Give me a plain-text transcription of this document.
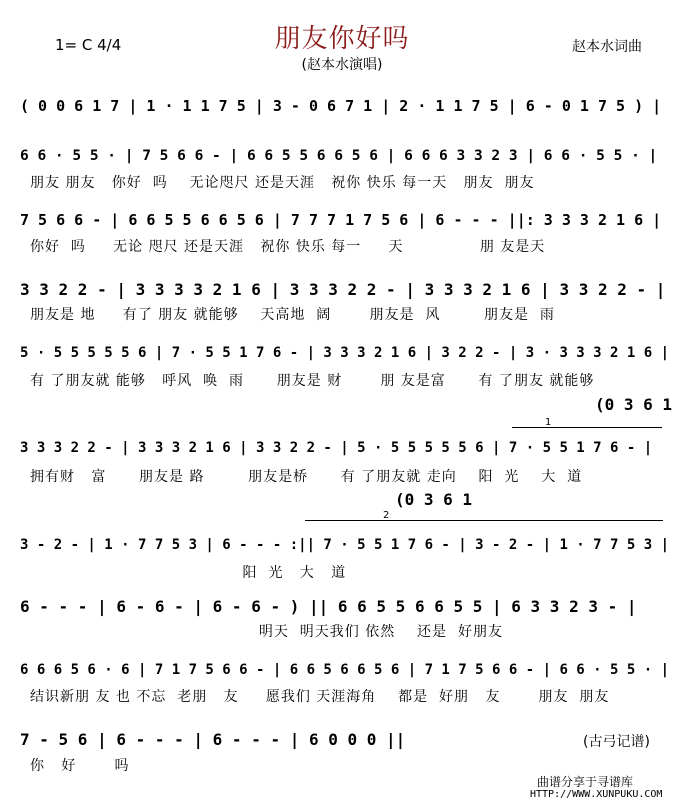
朋友你好吗
(赵本水演唱)
1= C 4/4	赵本水词曲
( 0 0 6 1 7 | 1 · 1 1 7 5 | 3 - 0 6 7 1 | 2 · 1 1 7 5 | 6 - 0 1 7 5 ) |
6 6 · 5 5 · | 7 5 6 6 - | 6 6 5 5 6 6 5 6 | 6 6 6 3 3 2 3 | 6 6 · 5 5 · |
朋友 朋友   你好  吗    无论咫尺 还是天涯   祝你 快乐 每一天   朋友  朋友
7 5 6 6 - | 6 6 5 5 6 6 5 6 | 7 7 7 1 7 5 6 | 6 - - - ||: 3 3 3 2 1 6 |
你好  吗     无论 咫尺 还是天涯   祝你 快乐 每一     天              朋 友是天
3 3 2 2 - | 3 3 3 3 2 1 6 | 3 3 3 2 2 - | 3 3 3 2 1 6 | 3 3 2 2 - |
朋友是 地     有了 朋友 就能够    天高地  阔       朋友是  风        朋友是  雨
5 · 5 5 5 5 5 6 | 7 · 5 5 1 7 6 - | 3 3 3 2 1 6 | 3 2 2 - | 3 · 3 3 3 2 1 6 |
有 了朋友就 能够   呼风  唤  雨      朋友是 财       朋 友是富      有 了朋友 就能够
(0 3 6 1
1
3 3 3 2 2 - | 3 3 3 2 1 6 | 3 3 2 2 - | 5 · 5 5 5 5 5 6 | 7 · 5 5 1 7 6 - |
拥有财   富      朋友是 路        朋友是桥      有 了朋友就 走向    阳  光    大  道
(0 3 6 1
2
3 - 2 - | 1 · 7 7 5 3 | 6 - - - :|| 7 · 5 5 1 7 6 - | 3 - 2 - | 1 · 7 7 5 3 |
阳  光   大   道
6 - - - | 6 - 6 - | 6 - 6 - ) || 6 6 5 5 6 6 5 5 | 6 3 3 2 3 - |
明天  明天我们 依然    还是  好朋友
6 6 6 5 6 · 6 | 7 1 7 5 6 6 - | 6 6 5 6 6 5 6 | 7 1 7 5 6 6 - | 6 6 · 5 5 · |
结识新朋 友 也 不忘  老朋   友     愿我们 天涯海角    都是  好朋   友       朋友  朋友
7 - 5 6 | 6 - - - | 6 - - - | 6 0 0 0 ||
你   好       吗
(古弓记谱)
曲谱分享于寻谱库
HTTP://WWW.XUNPUKU.COM
